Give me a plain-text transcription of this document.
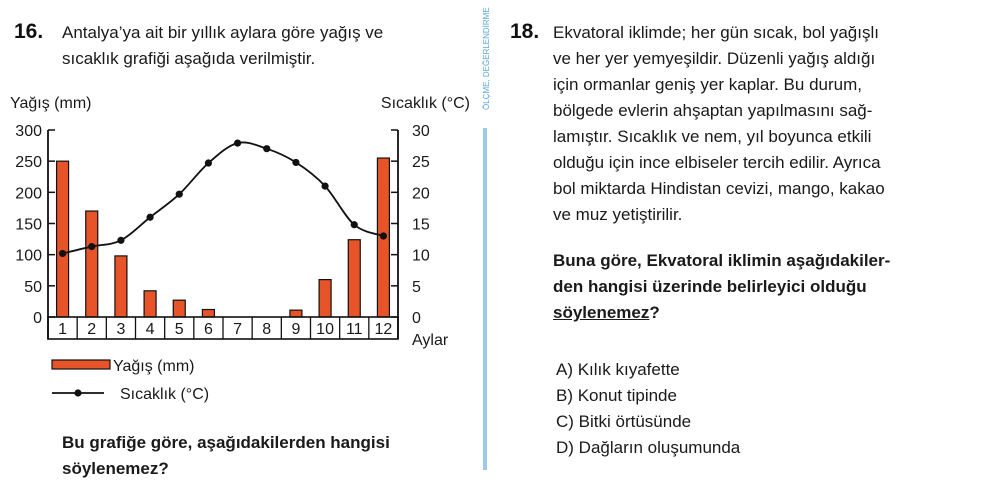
16. Antalya’ya ait bir yıllık aylara göre yağış ve
sıcaklık grafiği aşağıda verilmiştir.
Yağış (mm)	Sıcaklık (°C)
Aylar
300
250
200
150
100
50
0
30
25
20
15
10
5
0
1 2 3 4 5 6 7 8 9 10 11 12
Yağış (mm)
Sıcaklık (°C)
Bu grafiğe göre, aşağıdakilerden hangisi
söylenemez?
ÖLÇME, DEĞERLENDİRME 18. Ekvatoral iklimde; her gün sıcak, bol yağışlı
ve her yer yemyeşildir. Düzenli yağış aldığı
için ormanlar geniş yer kaplar. Bu durum,
bölgede evlerin ahşaptan yapılmasını sağ-
lamıştır. Sıcaklık ve nem, yıl boyunca etkili
olduğu için ince elbiseler tercih edilir. Ayrıca
bol miktarda Hindistan cevizi, mango, kakao
ve muz yetiştirilir.
Buna göre, Ekvatoral iklimin aşağıdakiler-
den hangisi üzerinde belirleyici olduğu
söylenemez?
A) Kılık kıyafette
B) Konut tipinde
C) Bitki örtüsünde
D) Dağların oluşumunda
